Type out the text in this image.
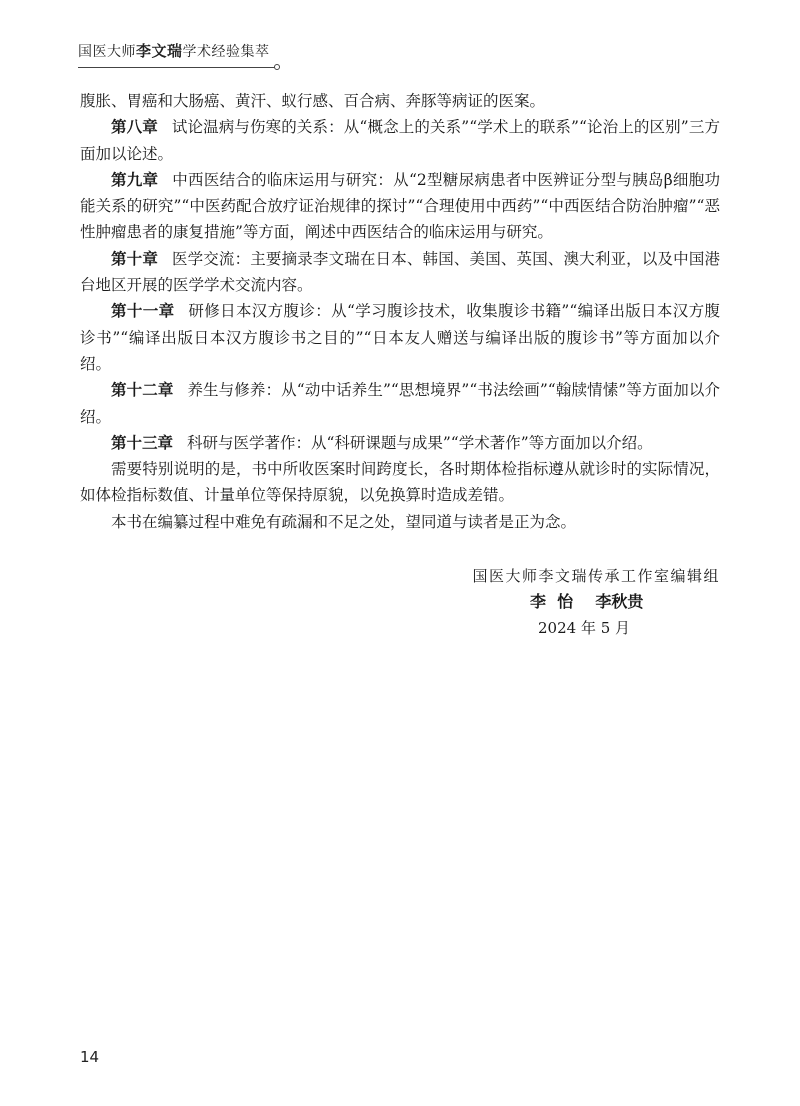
国医大师李文瑞学术经验集萃

腹胀、胃癌和大肠癌、黄汗、蚁行感、百合病、奔豚等病证的医案。

第八章 试论温病与伤寒的关系：从“概念上的关系”“学术上的联系”“论治上的区别”三方面加以论述。

第九章 中西医结合的临床运用与研究：从“2型糖尿病患者中医辨证分型与胰岛β细胞功能关系的研究”“中医药配合放疗证治规律的探讨”“合理使用中西药”“中西医结合防治肿瘤”“恶性肿瘤患者的康复措施”等方面，阐述中西医结合的临床运用与研究。

第十章 医学交流：主要摘录李文瑞在日本、韩国、美国、英国、澳大利亚，以及中国港台地区开展的医学学术交流内容。

第十一章 研修日本汉方腹诊：从“学习腹诊技术，收集腹诊书籍”“编译出版日本汉方腹诊书”“编译出版日本汉方腹诊书之目的”“日本友人赠送与编译出版的腹诊书”等方面加以介绍。

第十二章 养生与修养：从“动中话养生”“思想境界”“书法绘画”“翰牍情愫”等方面加以介绍。

第十三章 科研与医学著作：从“科研课题与成果”“学术著作”等方面加以介绍。

需要特别说明的是，书中所收医案时间跨度长，各时期体检指标遵从就诊时的实际情况，如体检指标数值、计量单位等保持原貌，以免换算时造成差错。

本书在编纂过程中难免有疏漏和不足之处，望同道与读者是正为念。

国医大师李文瑞传承工作室编辑组
李  怡    李秋贵
2024 年 5 月
14
